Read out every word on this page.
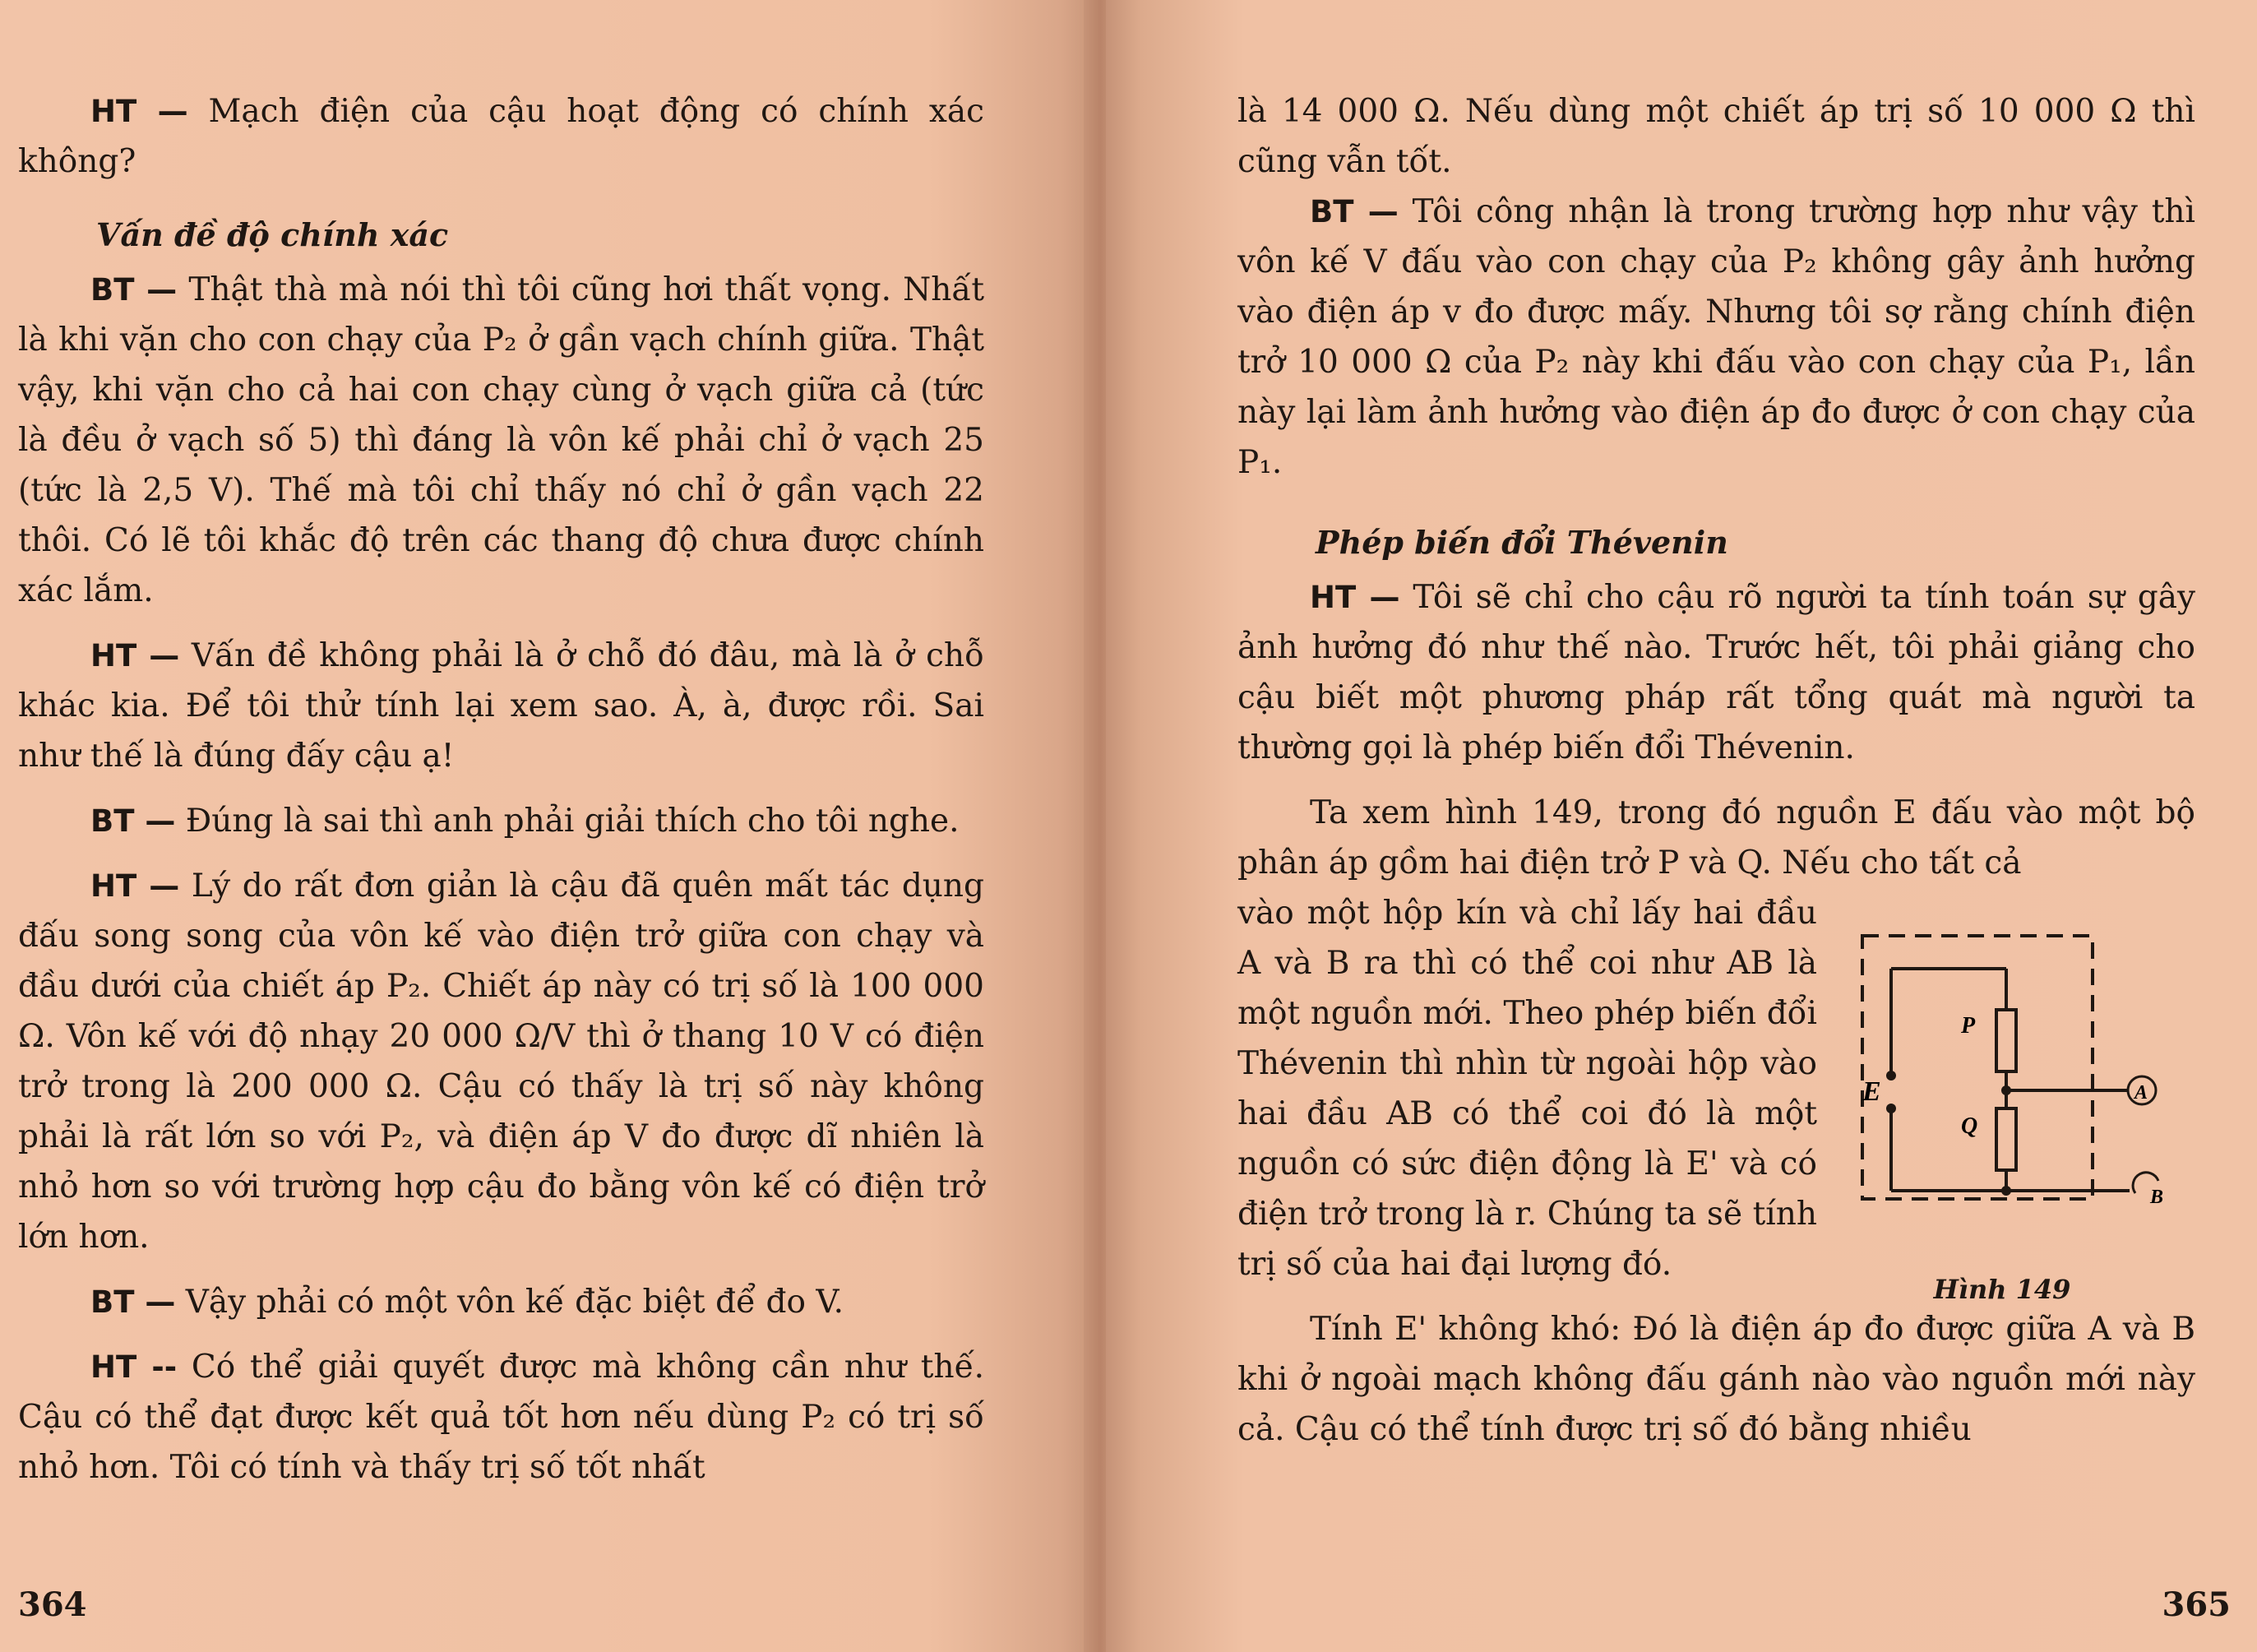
HT — Mạch điện của cậu hoạt động có chính xác không?

Vấn đề độ chính xác

BT — Thật thà mà nói thì tôi cũng hơi thất vọng. Nhất là khi vặn cho con chạy của P₂ ở gần vạch chính giữa. Thật vậy, khi vặn cho cả hai con chạy cùng ở vạch giữa cả (tức là đều ở vạch số 5) thì đáng là vôn kế phải chỉ ở vạch 25 (tức là 2,5 V). Thế mà tôi chỉ thấy nó chỉ ở gần vạch 22 thôi. Có lẽ tôi khắc độ trên các thang độ chưa được chính xác lắm.

HT — Vấn đề không phải là ở chỗ đó đâu, mà là ở chỗ khác kia. Để tôi thử tính lại xem sao. À, à, được rồi. Sai như thế là đúng đấy cậu ạ!

BT — Đúng là sai thì anh phải giải thích cho tôi nghe.

HT — Lý do rất đơn giản là cậu đã quên mất tác dụng đấu song song của vôn kế vào điện trở giữa con chạy và đầu dưới của chiết áp P₂. Chiết áp này có trị số là 100 000 Ω. Vôn kế với độ nhạy 20 000 Ω/V thì ở thang 10 V có điện trở trong là 200 000 Ω. Cậu có thấy là trị số này không phải là rất lớn so với P₂, và điện áp V đo được dĩ nhiên là nhỏ hơn so với trường hợp cậu đo bằng vôn kế có điện trở lớn hơn.

BT — Vậy phải có một vôn kế đặc biệt để đo V.

HT -- Có thể giải quyết được mà không cần như thế. Cậu có thể đạt được kết quả tốt hơn nếu dùng P₂ có trị số nhỏ hơn. Tôi có tính và thấy trị số tốt nhất

364

là 14 000 Ω. Nếu dùng một chiết áp trị số 10 000 Ω thì cũng vẫn tốt.

BT — Tôi công nhận là trong trường hợp như vậy thì vôn kế V đấu vào con chạy của P₂ không gây ảnh hưởng vào điện áp v đo được mấy. Nhưng tôi sợ rằng chính điện trở 10 000 Ω của P₂ này khi đấu vào con chạy của P₁, lần này lại làm ảnh hưởng vào điện áp đo được ở con chạy của P₁.

Phép biến đổi Thévenin

HT — Tôi sẽ chỉ cho cậu rõ người ta tính toán sự gây ảnh hưởng đó như thế nào. Trước hết, tôi phải giảng cho cậu biết một phương pháp rất tổng quát mà người ta thường gọi là phép biến đổi Thévenin.

Ta xem hình 149, trong đó nguồn E đấu vào một bộ phân áp gồm hai điện trở P và Q. Nếu cho tất cả

vào một hộp kín và chỉ lấy hai đầu A và B ra thì có thể coi như AB là một nguồn mới. Theo phép biến đổi Thévenin thì nhìn từ ngoài hộp vào hai đầu AB có thể coi đó là một nguồn có sức điện động là E' và có điện trở trong là r. Chúng ta sẽ tính trị số của hai đại lượng đó.

P
Q
E	A
B
Hình 149

Tính E' không khó: Đó là điện áp đo được giữa A và B khi ở ngoài mạch không đấu gánh nào vào nguồn mới này cả. Cậu có thể tính được trị số đó bằng nhiều

365
